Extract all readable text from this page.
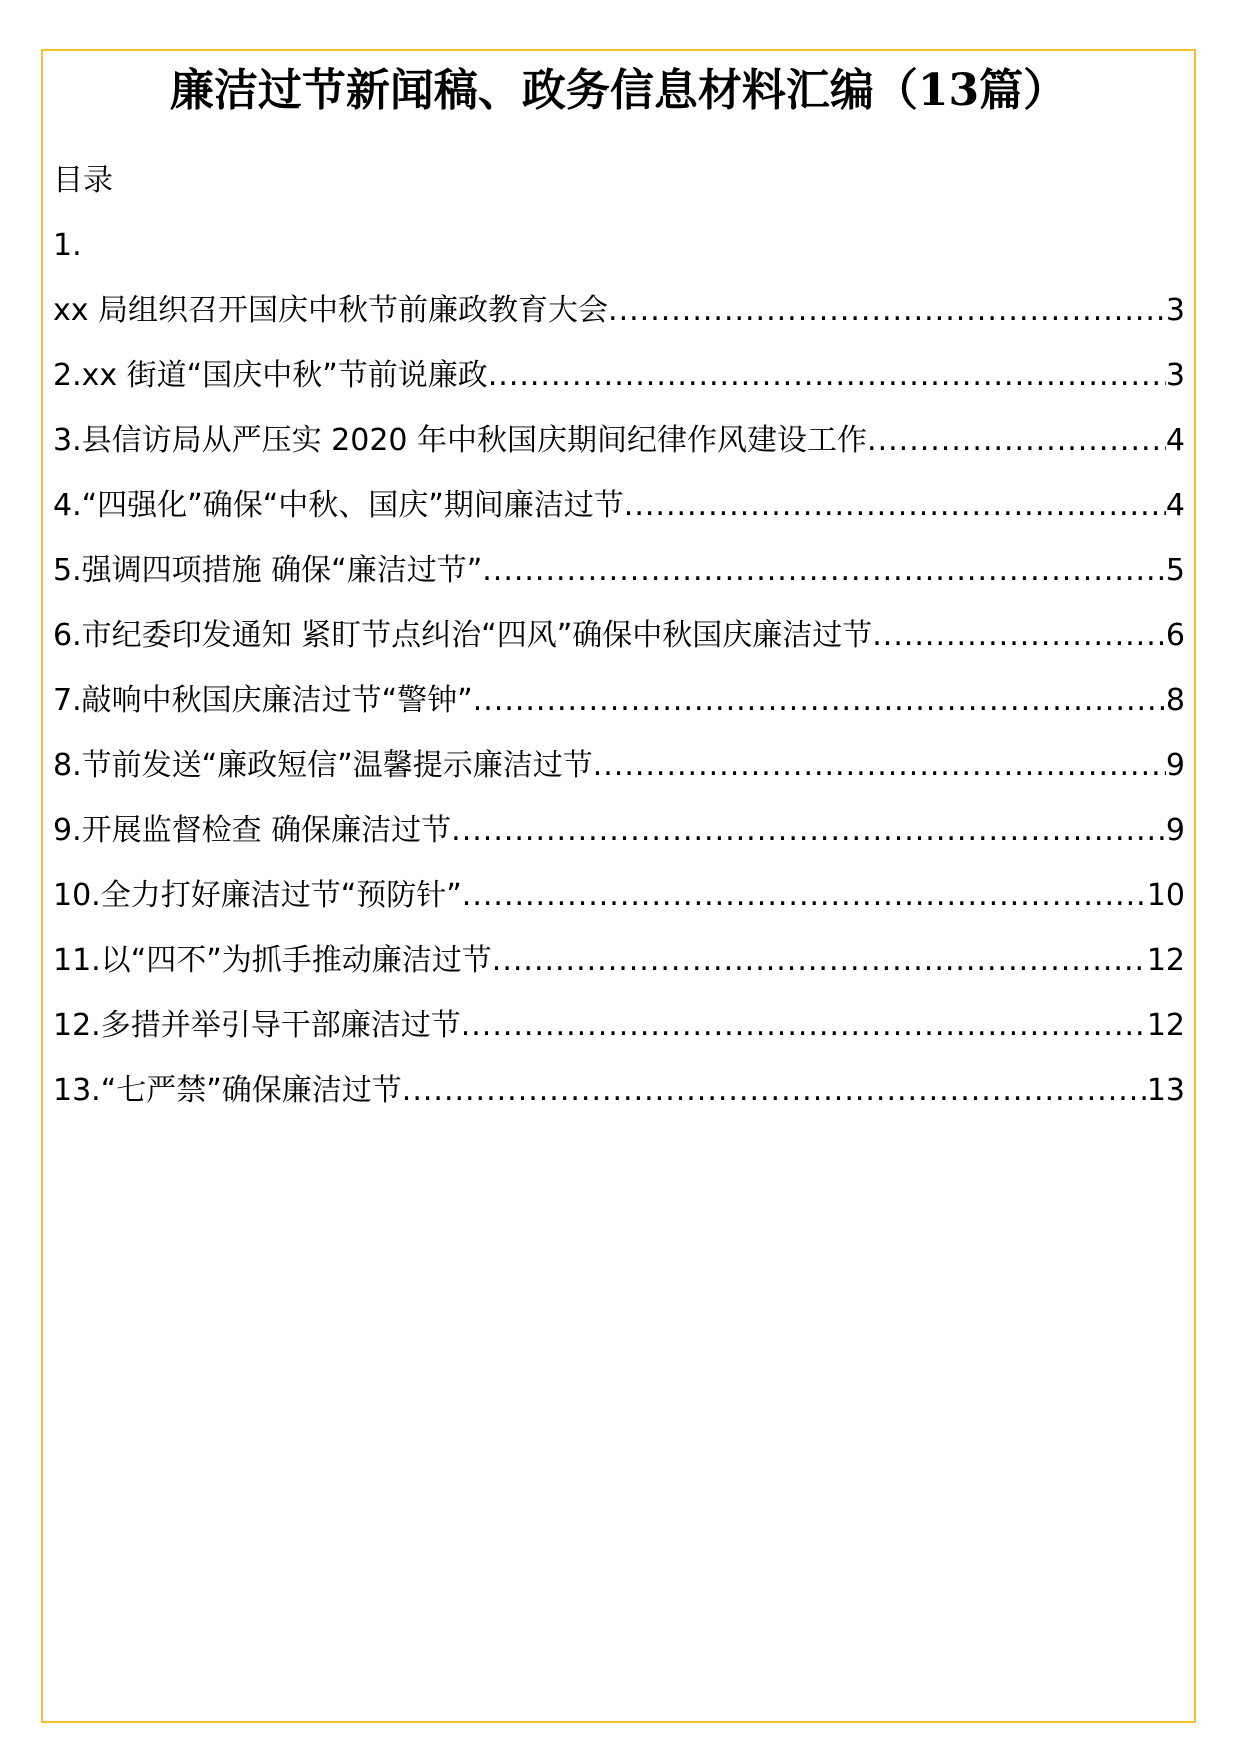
廉洁过节新闻稿、政务信息材料汇编（13篇）
目录
1.
xx 局组织召开国庆中秋节前廉政教育大会 .....	3
2.xx 街道“国庆中秋”节前说廉政 .....	3
3.县信访局从严压实 2020 年中秋国庆期间纪律作风建设工作 .....	4
4.“四强化”确保“中秋、国庆”期间廉洁过节 .....	4
5.强调四项措施 确保“廉洁过节” .....	5
6.市纪委印发通知 紧盯节点纠治“四风”确保中秋国庆廉洁过节 .....	6
7.敲响中秋国庆廉洁过节“警钟” .....	8
8.节前发送“廉政短信”温馨提示廉洁过节 .....	9
9.开展监督检查 确保廉洁过节 .....	9
10.全力打好廉洁过节“预防针” .....	10
11.以“四不”为抓手推动廉洁过节 .....	12
12.多措并举引导干部廉洁过节 .....	12
13.“七严禁”确保廉洁过节 .....	13
